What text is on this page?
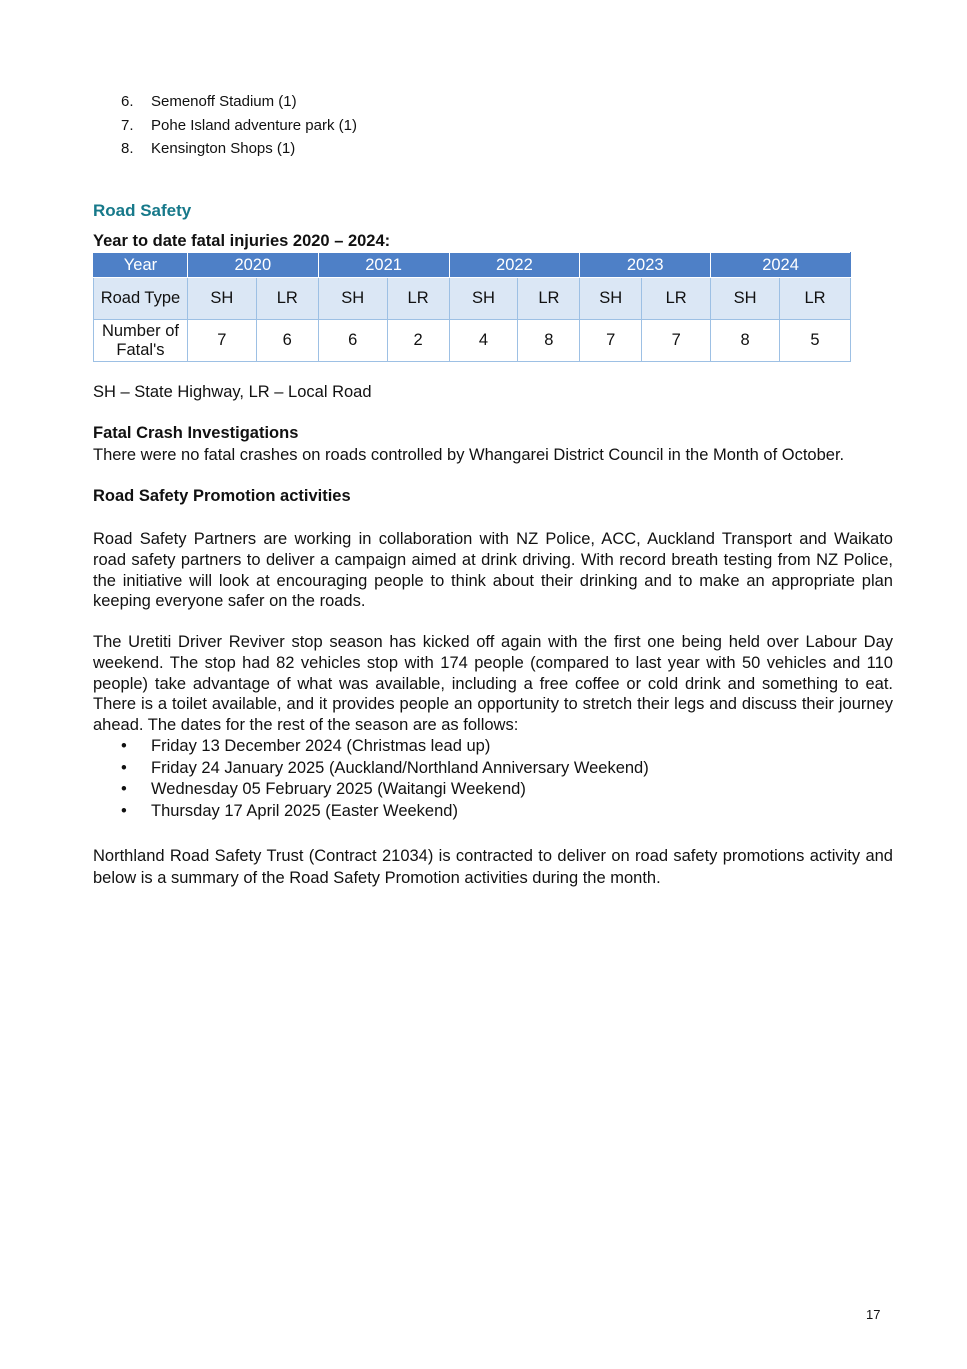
6. Semenoff Stadium (1)
7. Pohe Island adventure park (1)
8. Kensington Shops (1)
Road Safety
Year to date fatal injuries 2020 – 2024:
Year	2020		2021		2022		2023		2024	
Road Type	SH	LR	SH	LR	SH	LR	SH	LR	SH	LR
Number of Fatal's	7	6	6	2	4	8	7	7	8	5

SH – State Highway, LR – Local Road

Fatal Crash Investigations

There were no fatal crashes on roads controlled by Whangarei District Council in the Month of October.

Road Safety Promotion activities

Road Safety Partners are working in collaboration with NZ Police, ACC, Auckland Transport and Waikato road safety partners to deliver a campaign aimed at drink driving. With record breath testing from NZ Police, the initiative will look at encouraging people to think about their drinking and to make an appropriate plan keeping everyone safer on the roads.

The Uretiti Driver Reviver stop season has kicked off again with the first one being held over Labour Day weekend. The stop had 82 vehicles stop with 174 people (compared to last year with 50 vehicles and 110 people) take advantage of what was available, including a free coffee or cold drink and something to eat. There is a toilet available, and it provides people an opportunity to stretch their legs and discuss their journey ahead. The dates for the rest of the season are as follows:

• Friday 13 December 2024 (Christmas lead up)
• Friday 24 January 2025 (Auckland/Northland Anniversary Weekend)
• Wednesday 05 February 2025 (Waitangi Weekend)
• Thursday 17 April 2025 (Easter Weekend)

Northland Road Safety Trust (Contract 21034) is contracted to deliver on road safety promotions activity and below is a summary of the Road Safety Promotion activities during the month.

17
